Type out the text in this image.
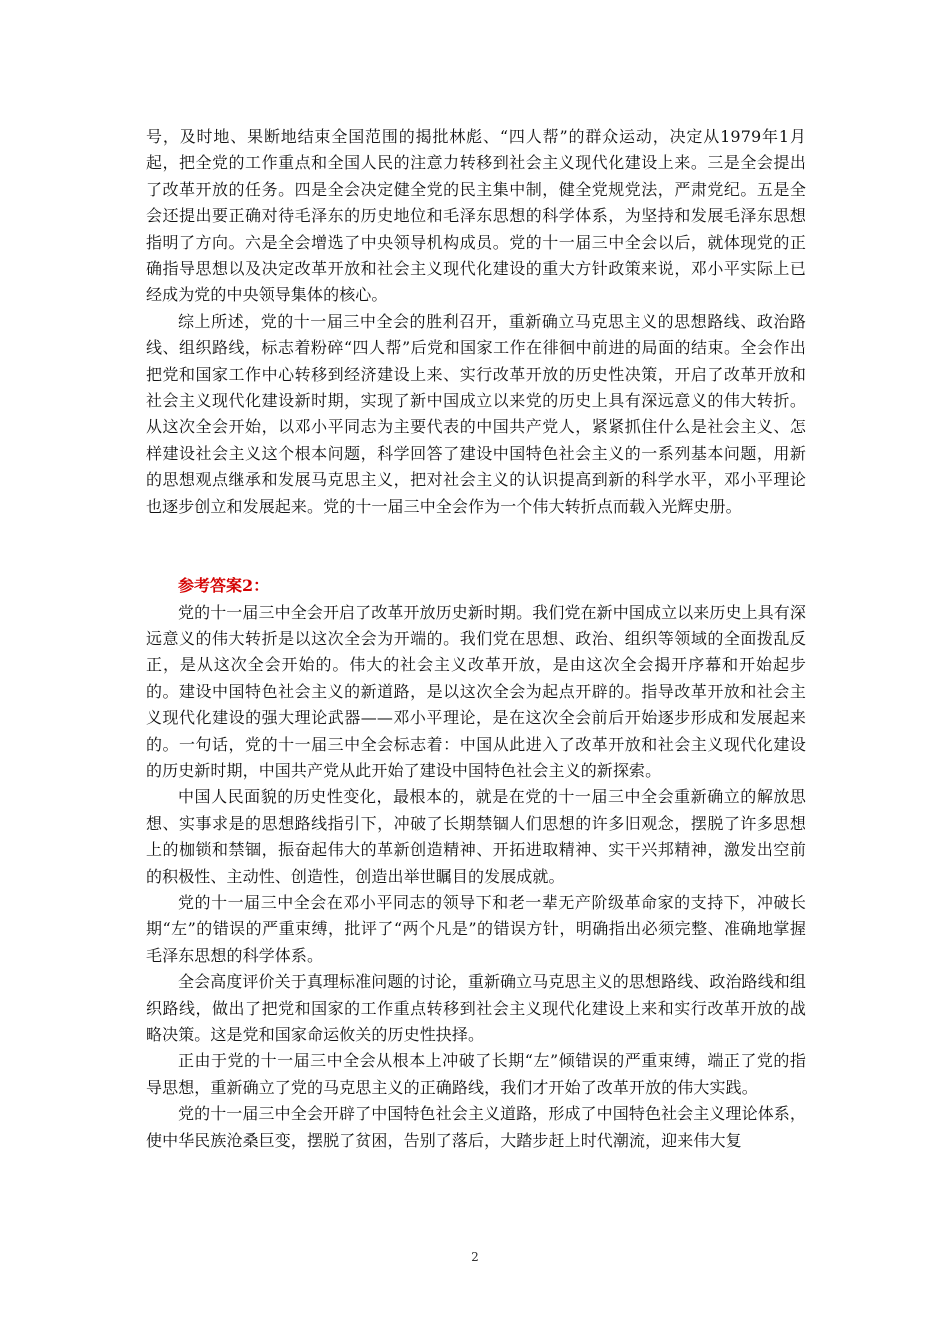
号，及时地、果断地结束全国范围的揭批林彪、“四人帮”的群众运动，决定从1979年1月起，把全党的工作重点和全国人民的注意力转移到社会主义现代化建设上来。三是全会提出了改革开放的任务。四是全会决定健全党的民主集中制，健全党规党法，严肃党纪。五是全会还提出要正确对待毛泽东的历史地位和毛泽东思想的科学体系，为坚持和发展毛泽东思想指明了方向。六是全会增选了中央领导机构成员。党的十一届三中全会以后，就体现党的正确指导思想以及决定改革开放和社会主义现代化建设的重大方针政策来说，邓小平实际上已经成为党的中央领导集体的核心。

综上所述，党的十一届三中全会的胜利召开，重新确立马克思主义的思想路线、政治路线、组织路线，标志着粉碎“四人帮”后党和国家工作在徘徊中前进的局面的结束。全会作出把党和国家工作中心转移到经济建设上来、实行改革开放的历史性决策，开启了改革开放和社会主义现代化建设新时期，实现了新中国成立以来党的历史上具有深远意义的伟大转折。从这次全会开始，以邓小平同志为主要代表的中国共产党人，紧紧抓住什么是社会主义、怎样建设社会主义这个根本问题，科学回答了建设中国特色社会主义的一系列基本问题，用新的思想观点继承和发展马克思主义，把对社会主义的认识提高到新的科学水平，邓小平理论也逐步创立和发展起来。党的十一届三中全会作为一个伟大转折点而载入光辉史册。

参考答案2：

党的十一届三中全会开启了改革开放历史新时期。我们党在新中国成立以来历史上具有深远意义的伟大转折是以这次全会为开端的。我们党在思想、政治、组织等领域的全面拨乱反正，是从这次全会开始的。伟大的社会主义改革开放，是由这次全会揭开序幕和开始起步的。建设中国特色社会主义的新道路，是以这次全会为起点开辟的。指导改革开放和社会主义现代化建设的强大理论武器——邓小平理论，是在这次全会前后开始逐步形成和发展起来的。一句话，党的十一届三中全会标志着：中国从此进入了改革开放和社会主义现代化建设的历史新时期，中国共产党从此开始了建设中国特色社会主义的新探索。

中国人民面貌的历史性变化，最根本的，就是在党的十一届三中全会重新确立的解放思想、实事求是的思想路线指引下，冲破了长期禁锢人们思想的许多旧观念，摆脱了许多思想上的枷锁和禁锢，振奋起伟大的革新创造精神、开拓进取精神、实干兴邦精神，激发出空前的积极性、主动性、创造性，创造出举世瞩目的发展成就。

党的十一届三中全会在邓小平同志的领导下和老一辈无产阶级革命家的支持下，冲破长期“左”的错误的严重束缚，批评了“两个凡是”的错误方针，明确指出必须完整、准确地掌握毛泽东思想的科学体系。

全会高度评价关于真理标准问题的讨论，重新确立马克思主义的思想路线、政治路线和组织路线，做出了把党和国家的工作重点转移到社会主义现代化建设上来和实行改革开放的战略决策。这是党和国家命运攸关的历史性抉择。

正由于党的十一届三中全会从根本上冲破了长期“左”倾错误的严重束缚，端正了党的指导思想，重新确立了党的马克思主义的正确路线，我们才开始了改革开放的伟大实践。

党的十一届三中全会开辟了中国特色社会主义道路，形成了中国特色社会主义理论体系，使中华民族沧桑巨变，摆脱了贫困，告别了落后，大踏步赶上时代潮流，迎来伟大复

2
